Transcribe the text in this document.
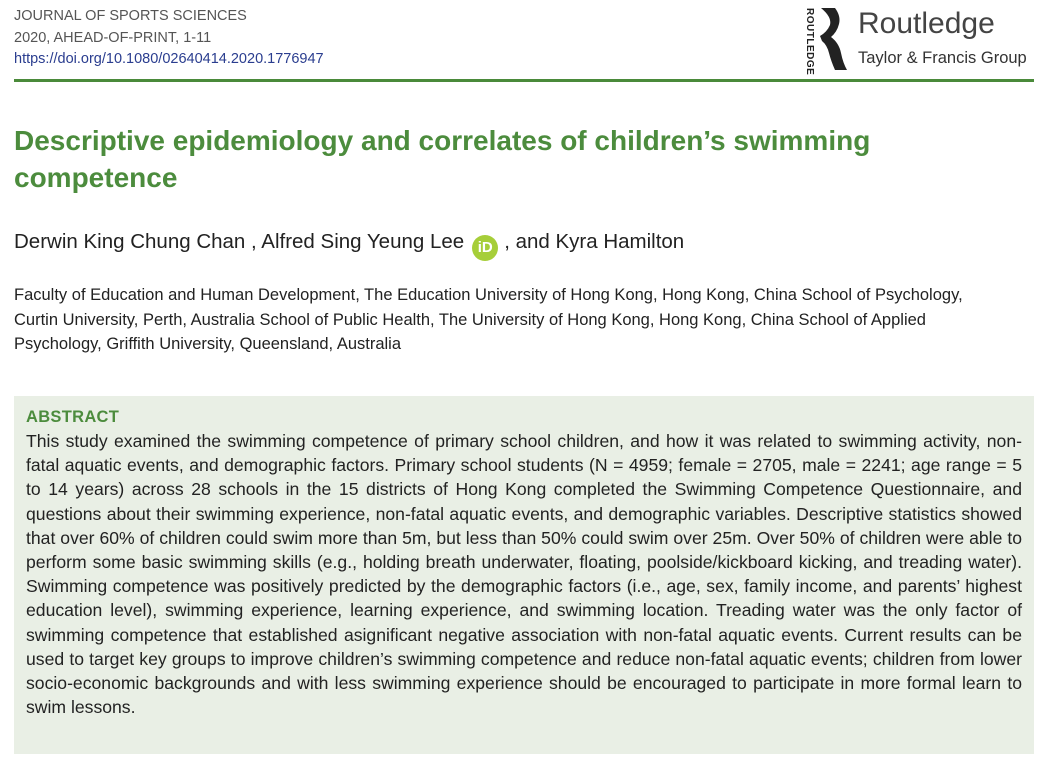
JOURNAL OF SPORTS SCIENCES
2020, AHEAD-OF-PRINT, 1-11
https://doi.org/10.1080/02640414.2020.1776947	ROUTLEDGE Routledge
Taylor & Francis Group
Descriptive epidemiology and correlates of children’s swimming competence
Derwin King Chung Chan , Alfred Sing Yeung Lee iD , and Kyra Hamilton
Faculty of Education and Human Development, The Education University of Hong Kong, Hong Kong, China School of Psychology, Curtin University, Perth, Australia School of Public Health, The University of Hong Kong, Hong Kong, China School of Applied Psychology, Griffith University, Queensland, Australia
ABSTRACT

This study examined the swimming competence of primary school children, and how it was related to swimming activity, non-fatal aquatic events, and demographic factors. Primary school students (N = 4959; female = 2705, male = 2241; age range = 5 to 14 years) across 28 schools in the 15 districts of Hong Kong completed the Swimming Competence Questionnaire, and questions about their swimming experience, non-fatal aquatic events, and demographic variables. Descriptive statistics showed that over 60% of children could swim more than 5m, but less than 50% could swim over 25m. Over 50% of children were able to perform some basic swimming skills (e.g., holding breath underwater, floating, poolside/kickboard kicking, and treading water). Swimming competence was positively predicted by the demographic factors (i.e., age, sex, family income, and parents’ highest education level), swimming experience, learning experience, and swimming location. Treading water was the only factor of swimming competence that established asignificant negative association with non-fatal aquatic events. Current results can be used to target key groups to improve children’s swimming competence and reduce non-fatal aquatic events; children from lower socio-economic backgrounds and with less swimming experience should be encouraged to participate in more formal learn to swim lessons.
